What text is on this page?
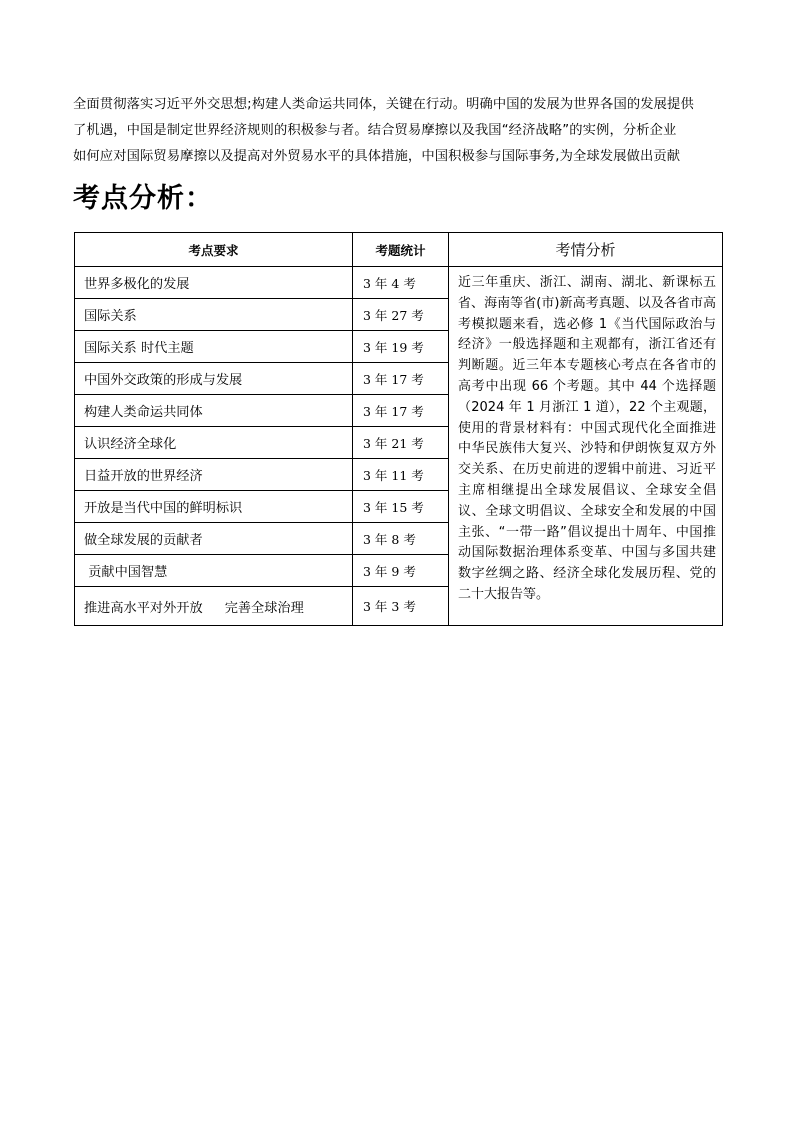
全面贯彻落实习近平外交思想;构建人类命运共同体，关键在行动。明确中国的发展为世界各国的发展提供
了机遇，中国是制定世界经济规则的积极参与者。结合贸易摩擦以及我国“经济战略”的实例，分析企业
如何应对国际贸易摩擦以及提高对外贸易水平的具体措施，中国积极参与国际事务,为全球发展做出贡献
考点分析：
考点要求	考题统计	考情分析
世界多极化的发展	3 年 4 考	近三年重庆、浙江、湖南、湖北、新课标五省、海南等省(市)新高考真题、以及各省市高考模拟题来看，选必修 1《当代国际政治与经济》一般选择题和主观都有，浙江省还有判断题。近三年本专题核心考点在各省市的高考中出现 66 个考题。其中 44 个选择题（2024 年 1 月浙江 1 道），22 个主观题，使用的背景材料有：中国式现代化全面推进中华民族伟大复兴、沙特和伊朗恢复双方外交关系、在历史前进的逻辑中前进、习近平主席相继提出全球发展倡议、全球安全倡议、全球文明倡议、全球安全和发展的中国主张、“一带一路”倡议提出十周年、中国推动国际数据治理体系变革、中国与多国共建数字丝绸之路、经济全球化发展历程、党的二十大报告等。
国际关系	3 年 27 考	
国际关系 时代主题	3 年 19 考	
中国外交政策的形成与发展	3 年 17 考	
构建人类命运共同体	3 年 17 考	
认识经济全球化	3 年 21 考	
日益开放的世界经济	3 年 11 考	
开放是当代中国的鲜明标识	3 年 15 考	
做全球发展的贡献者	3 年 8 考	
贡献中国智慧	3 年 9 考	
推进高水平对外开放 完善全球治理	3 年 3 考	
